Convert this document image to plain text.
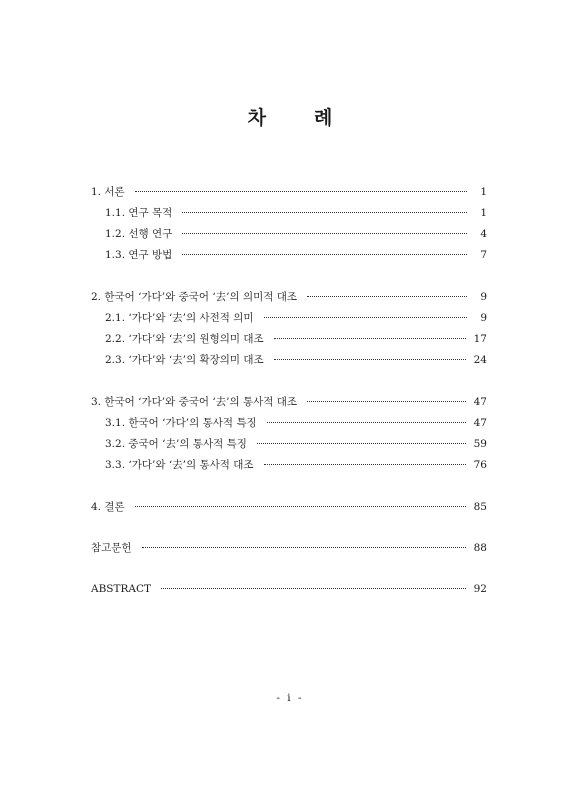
차	례
1. 서론	1
1.1. 연구 목적	1
1.2. 선행 연구	4
1.3. 연구 방법	7
2. 한국어 ‘가다’와 중국어 ‘去’의 의미적 대조	9
2.1. ‘가다’와 ‘去’의 사전적 의미	9
2.2. ‘가다’와 ‘去’의 원형의미 대조	17
2.3. ‘가다’와 ‘去’의 확장의미 대조	24
3. 한국어 ‘가다’와 중국어 ‘去’의 통사적 대조	47
3.1. 한국어 ‘가다’의 통사적 특징	47
3.2. 중국어 ‘去’의 통사적 특징	59
3.3. ‘가다’와 ‘去’의 통사적 대조	76
4. 결론	85
참고문헌	88
ABSTRACT	92
- i -
